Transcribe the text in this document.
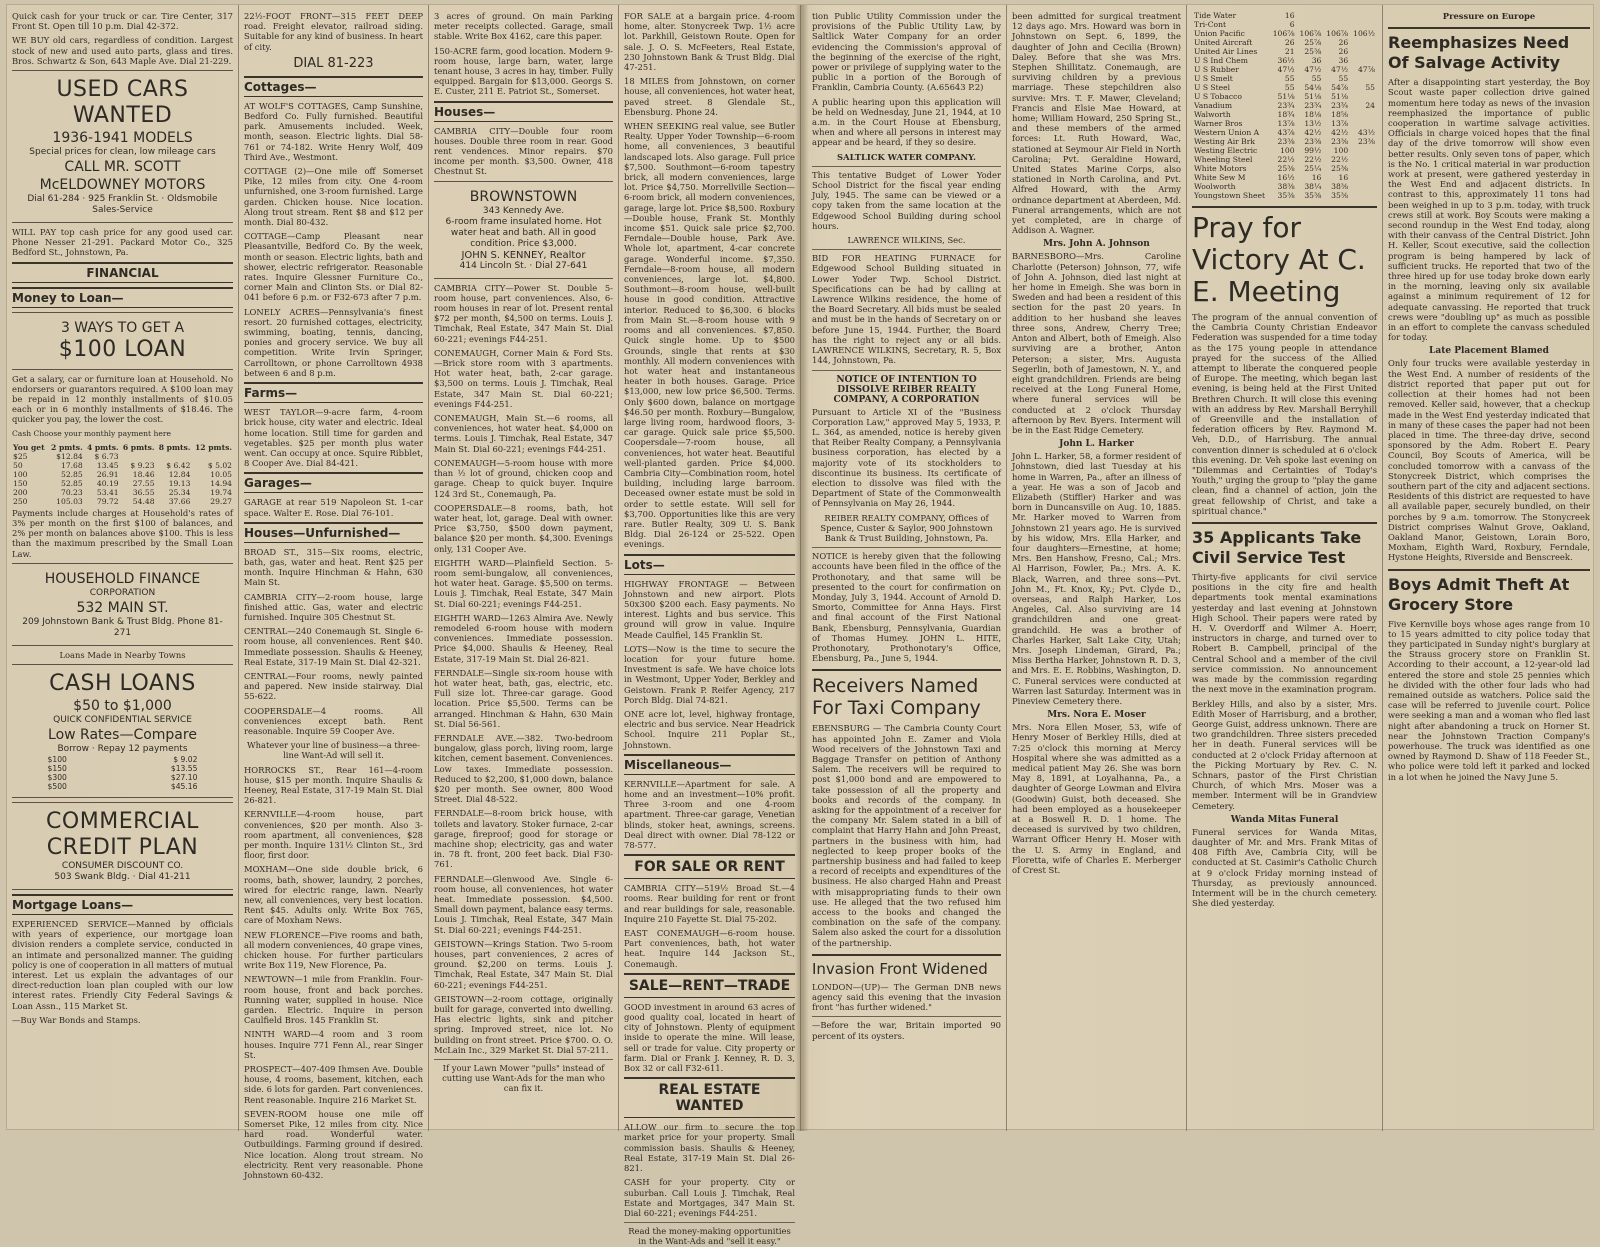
Quick cash for your truck or car. Tire Center, 317 Front St. Open till 10 p.m. Dial 42-372.
WE BUY old cars, regardless of condition. Largest stock of new and used auto parts, glass and tires. Bros. Schwartz & Son, 643 Maple Ave. Dial 21-229.
USED CARS
WANTED
1936-1941 MODELS
Special prices for clean, low mileage cars
CALL MR. SCOTT
McELDOWNEY MOTORS
Dial 61-284 · 925 Franklin St. · Oldsmobile Sales-Service
WILL PAY top cash price for any good used car. Phone Nesser 21-291. Packard Motor Co., 325 Bedford St., Johnstown, Pa.
FINANCIAL
Money to Loan—
3 WAYS TO GET A
$100 LOAN
Get a salary, car or furniture loan at Household. No endorsers or guarantors required. A $100 loan may be repaid in 12 monthly installments of $10.05 each or in 6 monthly installments of $18.46. The quicker you pay, the lower the cost.
Cash Choose your monthly payment here
You get	2 pmts.	4 pmts.	6 pmts.	8 pmts.	12 pmts.
$25	$12.84	$ 6.73			
50	17.68	13.45	$ 9.23	$ 6.42	$ 5.02
100	52.85	26.91	18.46	12.84	10.05
150	52.85	40.19	27.55	19.13	14.94
200	70.23	53.41	36.55	25.34	19.74
250	105.03	79.72	54.48	37.66	29.27
Payments include charges at Household's rates of 3% per month on the first $100 of balances, and 2% per month on balances above $100. This is less than the maximum prescribed by the Small Loan Law.
HOUSEHOLD FINANCE
CORPORATION
532 MAIN ST.
209 Johnstown Bank & Trust Bldg. Phone 81-271
Loans Made in Nearby Towns
CASH LOANS
$50 to $1,000
QUICK CONFIDENTIAL SERVICE
Low Rates—Compare
Borrow · Repay 12 payments
$100	$ 9.02
$150	$13.55
$300	$27.10
$500	$45.16
COMMERCIAL
CREDIT PLAN
CONSUMER DISCOUNT CO.
503 Swank Bldg. · Dial 41-211
Mortgage Loans—
EXPERIENCED SERVICE—Manned by officials with years of experience, our mortgage loan division renders a complete service, conducted in an intimate and personalized manner. The guiding policy is one of cooperation in all matters of mutual interest. Let us explain the advantages of our direct-reduction loan plan coupled with our low interest rates. Friendly City Federal Savings & Loan Assn., 115 Market St.
—Buy War Bonds and Stamps.
22½-FOOT FRONT—315 FEET DEEP road. Freight elevator, railroad siding. Suitable for any kind of business. In heart of city.
DIAL 81-223
Cottages—
AT WOLF'S COTTAGES, Camp Sunshine, Bedford Co. Fully furnished. Beautiful park. Amusements included. Week, month, season. Electric lights. Dial 58-761 or 74-182. Write Henry Wolf, 409 Third Ave., Westmont.
COTTAGE (2)—One mile off Somerset Pike, 12 miles from city. One 4-room unfurnished, one 3-room furnished. Large garden. Chicken house. Nice location. Along trout stream. Rent $8 and $12 per month. Dial 80-432.
COTTAGE—Camp Pleasant near Pleasantville, Bedford Co. By the week, month or season. Electric lights, bath and shower, electric refrigerator. Reasonable rates. Inquire Glessner Furniture Co., corner Main and Clinton Sts. or Dial 82-041 before 6 p.m. or F32-673 after 7 p.m.
LONELY ACRES—Pennsylvania's finest resort. 20 furnished cottages, electricity, swimming, boating, tennis, dancing, ponies and grocery service. We buy all competition. Write Irvin Springer, Carrolltown, or phone Carrolltown 4938 between 6 and 8 p.m.
Farms—
WEST TAYLOR—9-acre farm, 4-room brick house, city water and electric. Ideal home location. Still time for garden and vegetables. $25 per month plus water went. Can occupy at once. Squire Ribblet, 8 Cooper Ave. Dial 84-421.
Garages—
GARAGE at rear 519 Napoleon St. 1-car space. Walter E. Rose. Dial 76-101.
Houses—Unfurnished—
BROAD ST., 315—Six rooms, electric, bath, gas, water and heat. Rent $25 per month. Inquire Hinchman & Hahn, 630 Main St.
CAMBRIA CITY—2-room house, large finished attic. Gas, water and electric furnished. Inquire 305 Chestnut St.
CENTRAL—240 Conemaugh St. Single 6-room house, all conveniences. Rent $40. Immediate possession. Shaulis & Heeney, Real Estate, 317-19 Main St. Dial 42-321.
CENTRAL—Four rooms, newly painted and papered. New inside stairway. Dial 55-622.
COOPERSDALE—4 rooms. All conveniences except bath. Rent reasonable. Inquire 59 Cooper Ave.
Whatever your line of business—a three-line Want-Ad will sell it.
HORROCKS ST., Rear 161—4-room house, $15 per month. Inquire Shaulis & Heeney, Real Estate, 317-19 Main St. Dial 26-821.
KERNVILLE—4-room house, part conveniences, $20 per month. Also 3-room apartment, all conveniences, $28 per month. Inquire 131½ Clinton St., 3rd floor, first door.
MOXHAM—One side double brick, 6 rooms, bath, shower, laundry, 2 porches, wired for electric range, lawn. Nearly new, all conveniences, very best location. Rent $45. Adults only. Write Box 765, care of Moxham News.
NEW FLORENCE—Five rooms and bath, all modern conveniences, 40 grape vines, chicken house. For further particulars write Box 119, New Florence, Pa.
NEWTOWN—1 mile from Franklin. Four-room house, front and back porches. Running water, supplied in house. Nice garden. Electric. Inquire in person Caulfield Bros. 145 Franklin St.
NINTH WARD—4 room and 3 room houses. Inquire 771 Fenn Al., rear Singer St.
PROSPECT—407-409 Ihmsen Ave. Double house, 4 rooms, basement, kitchen, each side. 6 lots for garden. Part conveniences. Rent reasonable. Inquire 216 Market St.
SEVEN-ROOM house one mile off Somerset Pike, 12 miles from city. Nice hard road. Wonderful water. Outbuildings. Farming ground if desired. Nice location. Along trout stream. No electricity. Rent very reasonable. Phone Johnstown 60-432.
3 acres of ground. On main Parking meter receipts collected. Garage, small stable. Write Box 4162, care this paper.
150-ACRE farm, good location. Modern 9-room house, large barn, water, large tenant house, 3 acres in hay, timber. Fully equipped. Bargain for $13,000. Georgs S. E. Custer, 211 E. Patriot St., Somerset.
Houses—
CAMBRIA CITY—Double four room houses. Double three room in rear. Good rent vendences. Minor repairs. $70 income per month. $3,500. Owner, 418 Chestnut St.
BROWNSTOWN
343 Kennedy Ave.
6-room frame insulated home. Hot water heat and bath. All in good condition. Price $3,000.
JOHN S. KENNEY, Realtor
414 Lincoln St. · Dial 27-641
CAMBRIA CITY—Power St. Double 5-room house, part conveniences. Also, 6-room houses in rear of lot. Present rental $72 per month, $4,500 on terms. Louis J. Timchak, Real Estate, 347 Main St. Dial 60-221; evenings F44-251.
CONEMAUGH, Corner Main & Ford Sts.—Brick store room with 3 apartments. Hot water heat, bath, 2-car garage. $3,500 on terms. Louis J. Timchak, Real Estate, 347 Main St. Dial 60-221; evenings F44-251.
CONEMAUGH, Main St.—6 rooms, all conveniences, hot water heat. $4,000 on terms. Louis J. Timchak, Real Estate, 347 Main St. Dial 60-221; evenings F44-251.
CONEMAUGH—5-room house with more than ½ lot of ground, chicken coop and garage. Cheap to quick buyer. Inquire 124 3rd St., Conemaugh, Pa.
COOPERSDALE—8 rooms, bath, hot water heat, lot, garage. Deal with owner. Price $3,750, $500 down payment, balance $20 per month. $4,300. Evenings only, 131 Cooper Ave.
EIGHTH WARD—Plainfield Section. 5-room semi-bungalow, all conveniences, hot water heat. Garage. $5,500 on terms. Louis J. Timchak, Real Estate, 347 Main St. Dial 60-221; evenings F44-251.
EIGHTH WARD—1263 Almira Ave. Newly remodeled 6-room house with modern conveniences. Immediate possession. Price $4,000. Shaulis & Heeney, Real Estate, 317-19 Main St. Dial 26-821.
FERNDALE—Single six-room house with hot water heat, bath, gas, electric, etc. Full size lot. Three-car garage. Good location. Price $5,500. Terms can be arranged. Hinchman & Hahn, 630 Main St. Dial 56-561.
FERNDALE AVE.—382. Two-bedroom bungalow, glass porch, living room, large kitchen, cement basement. Conveniences. Low taxes. Immediate possession. Reduced to $2,200, $1,000 down, balance $20 per month. See owner, 800 Wood Street. Dial 48-522.
FERNDALE—8-room brick house, with toilets and lavatory. Stoker furnace, 2-car garage, fireproof; good for storage or machine shop; electricity, gas and water in. 78 ft. front, 200 feet back. Dial F30-761.
FERNDALE—Glenwood Ave. Single 6-room house, all conveniences, hot water heat. Immediate possession. $4,500. Small down payment, balance easy terms. Louis J. Timchak, Real Estate, 347 Main St. Dial 60-221; evenings F44-251.
GEISTOWN—Krings Station. Two 5-room houses, part conveniences, 2 acres of ground. $2,200 on terms. Louis J. Timchak, Real Estate, 347 Main St. Dial 60-221; evenings F44-251.
GEISTOWN—2-room cottage, originally built for garage, converted into dwelling. Has electric lights, sink and pitcher spring. Improved street, nice lot. No building on front street. Price $700. O. O. McLain Inc., 329 Market St. Dial 57-211.
If your Lawn Mower "pulls" instead of cutting use Want-Ads for the man who can fix it.
FOR SALE at a bargain price. 4-room home, alter. Stonycreek Twp. 1½ acre lot. Parkhill, Geistown Route. Open for sale. J. O. S. McFeeters, Real Estate, 230 Johnstown Bank & Trust Bldg. Dial 47-251.
18 MILES from Johnstown, on corner house, all conveniences, hot water heat, paved street. 8 Glendale St., Ebensburg. Phone 24.
WHEN SEEKING real value, see Butler Realty. Upper Yoder Township—6-room home, all conveniences, 3 beautiful landscaped lots. Also garage. Full price $7,500. Southmont—6-room tapestry brick, all modern conveniences, large lot. Price $4,750. Morrellville Section—6-room brick, all modern conveniences, garage, large lot. Price $8,500. Roxbury—Double house, Frank St. Monthly income $51. Quick sale price $2,700. Ferndale—Double house, Park Ave. Whole lot, apartment, 4-car concrete garage. Wonderful income. $7,350. Ferndale—8-room house, all modern conveniences, large lot. $4,800. Southmont—8-room house, well-built house in good condition. Attractive interior. Reduced to $6,300. 6 blocks from Main St.—8-room house with 9 rooms and all conveniences. $7,850. Quick single home. Up to $500 Grounds, single that rents at $30 monthly. All modern conveniences with hot water heat and instantaneous heater in both houses. Garage. Price $13,000, new low price $6,500. Terms. Only $600 down, balance on mortgage $46.50 per month. Roxbury—Bungalow, large living room, hardwood floors, 3-car garage. Quick sale price $5,500. Coopersdale—7-room house, all conveniences, hot water heat. Beautiful well-planted garden. Price $4,000. Cambria City—Combination room, hotel building, including large barroom. Deceased owner estate must be sold in order to settle estate. Will sell for $3,700. Opportunities like this are very rare. Butler Realty, 309 U. S. Bank Bldg. Dial 26-124 or 25-522. Open evenings.
Lots—
HIGHWAY FRONTAGE — Between Johnstown and new airport. Plots 50x300 $200 each. Easy payments. No interest. Lights and bus service. This ground will grow in value. Inquire Meade Caulfiel, 145 Franklin St.
LOTS—Now is the time to secure the location for your future home. Investment is safe. We have choice lots in Westmont, Upper Yoder, Berkley and Geistown. Frank P. Reifer Agency, 217 Porch Bldg. Dial 74-821.
ONE acre lot, level, highway frontage, electric and bus service. Near Headrick School. Inquire 211 Poplar St., Johnstown.
Miscellaneous—
KERNVILLE—Apartment for sale. A home and an investment—10% profit. Three 3-room and one 4-room apartment. Three-car garage, Venetian blinds, stoker heat, awnings, screens. Deal direct with owner. Dial 78-122 or 78-577.
FOR SALE OR RENT
CAMBRIA CITY—519½ Broad St.—4 rooms. Rear building for rent or front and rear buildings for sale, reasonable. Inquire 210 Fayette St. Dial 75-202.
EAST CONEMAUGH—6-room house. Part conveniences, bath, hot water heat. Inquire 144 Jackson St., Conemaugh.
SALE—RENT—TRADE
GOOD investment in around 63 acres of good quality coal, located in heart of city of Johnstown. Plenty of equipment inside to operate the mine. Will lease, sell or trade for value. City property or farm. Dial or Frank J. Kenney, R. D. 3, Box 32 or call F32-611.
REAL ESTATE WANTED
ALLOW our firm to secure the top market price for your property. Small commission basis. Shaulis & Heeney, Real Estate, 317-19 Main St. Dial 26-821.
CASH for your property. City or suburban. Call Louis J. Timchak, Real Estate and Mortgages, 347 Main St. Dial 60-221; evenings F44-251.
Read the money-making opportunities in the Want-Ads and "sell it easy."
tion Public Utility Commission under the provisions of the Public Utility Law, by Saltlick Water Company for an order evidencing the Commission's approval of the beginning of the exercise of the right, power or privilege of supplying water to the public in a portion of the Borough of Franklin, Cambria County. (A.65643 P.2)
A public hearing upon this application will be held on Wednesday, June 21, 1944, at 10 a.m. in the Court House at Ebensburg, when and where all persons in interest may appear and be heard, if they so desire.
SALTLICK WATER COMPANY.
This tentative Budget of Lower Yoder School District for the fiscal year ending July, 1945. The same can be viewed or a copy taken from the same location at the Edgewood School Building during school hours.
LAWRENCE WILKINS, Sec.
BID FOR HEATING FURNACE for Edgewood School Building situated in Lower Yoder Twp. School District. Specifications can be had by calling at Lawrence Wilkins residence, the home of the Board Secretary. All bids must be sealed and must be in the hands of Secretary on or before June 15, 1944. Further, the Board has the right to reject any or all bids. LAWRENCE WILKINS, Secretary, R. 5, Box 144, Johnstown, Pa.
NOTICE OF INTENTION TO DISSOLVE REIBER REALTY COMPANY, A CORPORATION
Pursuant to Article XI of the "Business Corporation Law," approved May 5, 1933, P. L. 364, as amended, notice is hereby given that Reiber Realty Company, a Pennsylvania business corporation, has elected by a majority vote of its stockholders to discontinue its business. Its certificate of election to dissolve was filed with the Department of State of the Commonwealth of Pennsylvania on May 26, 1944.
REIBER REALTY COMPANY, Offices of Spence, Custer & Saylor, 900 Johnstown Bank & Trust Building, Johnstown, Pa.
NOTICE is hereby given that the following accounts have been filed in the office of the Prothonotary, and that same will be presented to the court for confirmation on Monday, July 3, 1944. Account of Arnold D. Smorto, Committee for Anna Hays. First and final account of the First National Bank, Ebensburg, Pennsylvania, Guardian of Thomas Humey. JOHN L. HITE, Prothonotary, Prothonotary's Office, Ebensburg, Pa., June 5, 1944.
Receivers Named For Taxi Company
EBENSBURG — The Cambria County Court has appointed John E. Zamer and Viola Wood receivers of the Johnstown Taxi and Baggage Transfer on petition of Anthony Salem. The receivers will be required to post $1,000 bond and are empowered to take possession of all the property and books and records of the company. In asking for the appointment of a receiver for the company Mr. Salem stated in a bill of complaint that Harry Hahn and John Preast, partners in the business with him, had neglected to keep proper books of the partnership business and had failed to keep a record of receipts and expenditures of the business. He also charged Hahn and Preast with misappropriating funds to their own use. He alleged that the two refused him access to the books and changed the combination on the safe of the company. Salem also asked the court for a dissolution of the partnership.
Invasion Front Widened
LONDON—(UP)— The German DNB news agency said this evening that the invasion front "has further widened."
—Before the war, Britain imported 90 percent of its oysters.
been admitted for surgical treatment 12 days ago. Mrs. Howard was born in Johnstown on Sept. 6, 1899, the daughter of John and Cecilia (Brown) Daley. Before that she was Mrs. Stephen Shillitatz. Conemaugh, are surviving children by a previous marriage. These stepchildren also survive: Mrs. T. F. Mawer, Cleveland; Francis and Elsie Mae Howard, at home; William Howard, 250 Spring St., and these members of the armed forces: Lt. Ruth Howard, Wac, stationed at Seymour Air Field in North Carolina; Pvt. Geraldine Howard, United States Marine Corps, also stationed in North Carolina, and Pvt. Alfred Howard, with the Army ordnance department at Aberdeen, Md. Funeral arrangements, which are not yet completed, are in charge of Addison A. Wagner.
Mrs. John A. Johnson
BARNESBORO—Mrs. Caroline Charlotte (Peterson) Johnson, 77, wife of John A. Johnson, died last night at her home in Emeigh. She was born in Sweden and had been a resident of this section for the past 20 years. In addition to her husband she leaves three sons, Andrew, Cherry Tree; Anton and Albert, both of Emeigh. Also surviving are a brother, Anton Peterson; a sister, Mrs. Augusta Segerlin, both of Jamestown, N. Y., and eight grandchildren. Friends are being received at the Long Funeral Home, where funeral services will be conducted at 2 o'clock Thursday afternoon by Rev. Byers. Interment will be in the East Ridge Cemetery.
John L. Harker
John L. Harker, 58, a former resident of Johnstown, died last Tuesday at his home in Warren, Pa., after an illness of a year. He was a son of Jacob and Elizabeth (Stiffler) Harker and was born in Duncansville on Aug. 10, 1885. Mr. Harker moved to Warren from Johnstown 21 years ago. He is survived by his widow, Mrs. Ella Harker, and four daughters—Ernestine, at home; Mrs. Ben Hanshow, Fresno, Cal.; Mrs. Al Harrison, Fowler, Pa.; Mrs. A. K. Black, Warren, and three sons—Pvt. John M., Ft. Knox, Ky.; Pvt. Clyde D., overseas, and Ralph Harker, Los Angeles, Cal. Also surviving are 14 grandchildren and one great-grandchild. He was a brother of Charles Harker, Salt Lake City, Utah; Mrs. Joseph Lindeman, Girard, Pa.; Miss Bertha Harker, Johnstown R. D. 3, and Mrs. E. E. Robbins, Washington, D. C. Funeral services were conducted at Warren last Saturday. Interment was in Pineview Cemetery there.
Mrs. Nora E. Moser
Mrs. Nora Ellen Moser, 53, wife of Henry Moser of Berkley Hills, died at 7:25 o'clock this morning at Mercy Hospital where she was admitted as a medical patient May 26. She was born May 8, 1891, at Loyalhanna, Pa., a daughter of George Lowman and Elvira (Goodwin) Guist, both deceased. She had been employed as a housekeeper at a Boswell R. D. 1 home. The deceased is survived by two children, Warrant Officer Henry H. Moser with the U. S. Army in England, and Floretta, wife of Charles E. Merberger of Crest St.
Tide Water	16			
Tri-Cont	6			
Union Pacific	106⅞	106⅞	106⅞	106½
United Aircraft	26	25⅞	26	
United Air Lines	21	25⅜	26	
U S Ind Chem	36½	36	36	
U S Rubber	47½	47½	47½	47⅞
U S Smelt	55	55	55	
U S Steel	55	54⅛	54⅞	55
U S Tobacco	51⅛	51⅛	51⅛	
Vanadium	23¾	23¾	23¾	24
Walworth	18¾	18⅛	18⅝	
Warner Bros	13⅞	13½	13⅞	
Western Union A	43⅞	42½	42½	43½
Westing Air Brk	23⅜	23⅜	23⅜	23⅜
Westing Electric	100	99½	100	
Wheeling Steel	22½	22½	22½	
White Motors	25⅜	25¼	25⅜	
White Sew M	16½	16	16	
Woolworth	38⅜	38¼	38⅜	
Youngstown Sheet	35⅜	35⅜	35⅜	
Pray for Victory At C. E. Meeting
The program of the annual convention of the Cambria County Christian Endeavor Federation was suspended for a time today as the 175 young people in attendance prayed for the success of the Allied attempt to liberate the conquered people of Europe. The meeting, which began last evening, is being held at the First United Brethren Church. It will close this evening with an address by Rev. Marshall Berryhill of Greenville and the installation of federation officers by Rev. Raymond M. Veh, D.D., of Harrisburg. The annual convention dinner is scheduled at 6 o'clock this evening. Dr. Veh spoke last evening on "Dilemmas and Certainties of Today's Youth," urging the group to "play the game clean, find a channel of action, join the great fellowship of Christ, and take a spiritual chance."
35 Applicants Take Civil Service Test
Thirty-five applicants for civil service positions in the city fire and health departments took mental examinations yesterday and last evening at Johnstown High School. Their papers were rated by H. V. Overdorff and Wilmer A. Hoerr, instructors in charge, and turned over to Robert B. Campbell, principal of the Central School and a member of the civil service commission. No announcement was made by the commission regarding the next move in the examination program.
Berkley Hills, and also by a sister, Mrs. Edith Moser of Harrisburg, and a brother, George Guist, address unknown. There are two grandchildren. Three sisters preceded her in death. Funeral services will be conducted at 2 o'clock Friday afternoon at the Picking Mortuary by Rev. C. N. Schnars, pastor of the First Christian Church, of which Mrs. Moser was a member. Interment will be in Grandview Cemetery.
Wanda Mitas Funeral
Funeral services for Wanda Mitas, daughter of Mr. and Mrs. Frank Mitas of 408 Fifth Ave, Cambria City, will be conducted at St. Casimir's Catholic Church at 9 o'clock Friday morning instead of Thursday, as previously announced. Interment will be in the church cemetery. She died yesterday.
Pressure on Europe
Reemphasizes Need Of Salvage Activity
After a disappointing start yesterday, the Boy Scout waste paper collection drive gained momentum here today as news of the invasion reemphasized the importance of public cooperation in wartime salvage activities. Officials in charge voiced hopes that the final day of the drive tomorrow will show even better results. Only seven tons of paper, which is the No. 1 critical material in war production work at present, were gathered yesterday in the West End and adjacent districts. In contrast to this, approximately 11 tons had been weighed in up to 3 p.m. today, with truck crews still at work. Boy Scouts were making a second roundup in the West End today, along with their canvass of the Central District. John H. Keller, Scout executive, said the collection program is being hampered by lack of sufficient trucks. He reported that two of the three hired up for use today broke down early in the morning, leaving only six available against a minimum requirement of 12 for adequate canvassing. He reported that truck crews were "doubling up" as much as possible in an effort to complete the canvass scheduled for today.
Late Placement Blamed
Only four trucks were available yesterday in the West End. A number of residents of the district reported that paper put out for collection at their homes had not been removed. Keller said, however, that a checkup made in the West End yesterday indicated that in many of these cases the paper had not been placed in time. The three-day drive, second sponsored by the Adm. Robert E. Peary Council, Boy Scouts of America, will be concluded tomorrow with a canvass of the Stonycreek District, which comprises the southern part of the city and adjacent sections. Residents of this district are requested to have all available paper, securely bundled, on their porches by 9 a.m. tomorrow. The Stonycreek District comprises Walnut Grove, Oakland, Oakland Manor, Geistown, Lorain Boro, Moxham, Eighth Ward, Roxbury, Ferndale, Hystone Heights, Riverside and Benscreek.
Boys Admit Theft At Grocery Store
Five Kernville boys whose ages range from 10 to 15 years admitted to city police today that they participated in Sunday night's burglary at the Strauss grocery store on Franklin St. According to their account, a 12-year-old lad entered the store and stole 25 pennies which he divided with the other four lads who had remained outside as watchers. Police said the case will be referred to juvenile court. Police were seeking a man and a woman who fled last night after abandoning a truck on Horner St. near the Johnstown Traction Company's powerhouse. The truck was identified as one owned by Raymond D. Shaw of 118 Feeder St., who police were told left it parked and locked in a lot when he joined the Navy June 5.
